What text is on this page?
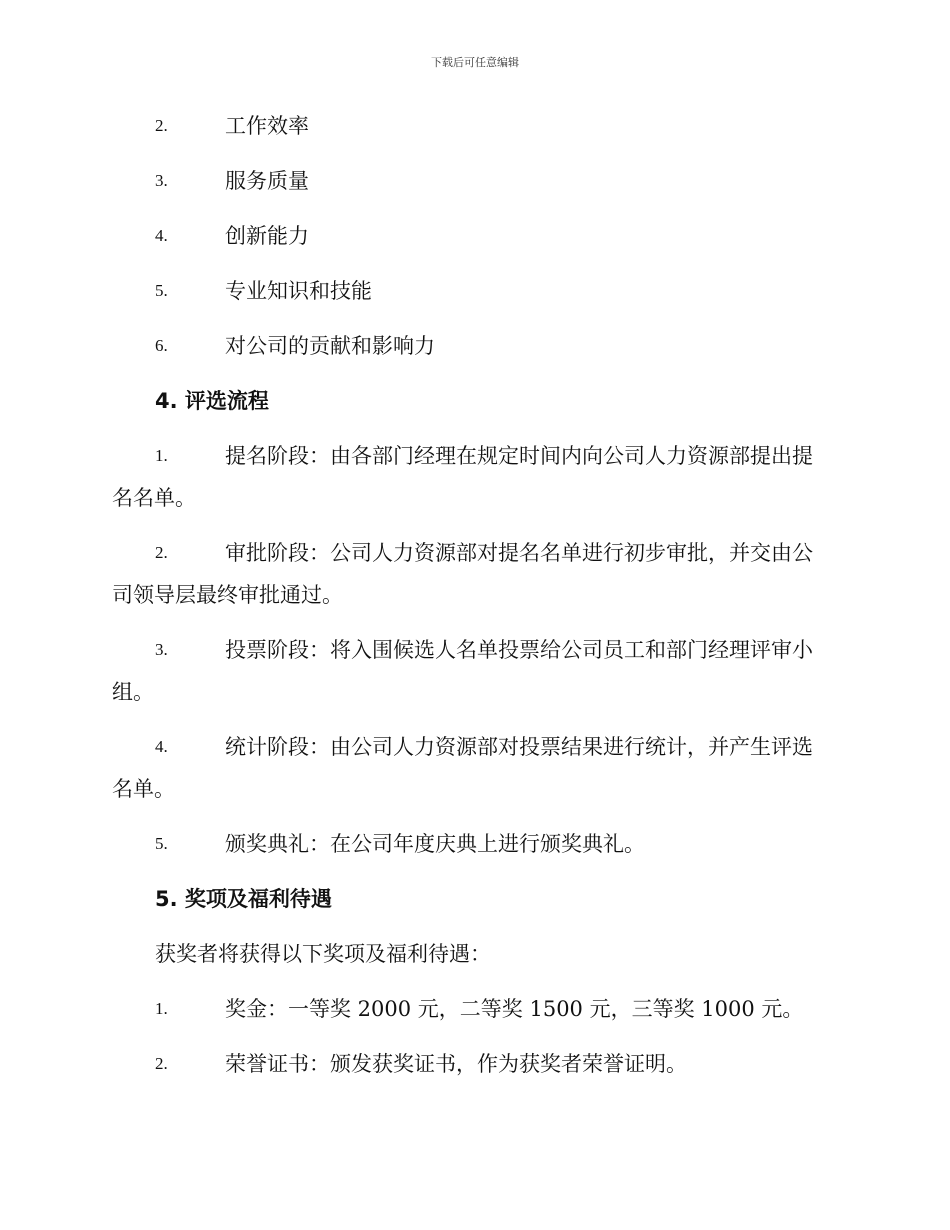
下载后可任意编辑
2.	工作效率
3.	服务质量
4.	创新能力
5.	专业知识和技能
6.	对公司的贡献和影响力
4. 评选流程
1.	提名阶段：由各部门经理在规定时间内向公司人力资源部提出提
名名单。
2.	审批阶段：公司人力资源部对提名名单进行初步审批，并交由公
司领导层最终审批通过。
3.	投票阶段：将入围候选人名单投票给公司员工和部门经理评审小
组。
4.	统计阶段：由公司人力资源部对投票结果进行统计，并产生评选
名单。
5.	颁奖典礼：在公司年度庆典上进行颁奖典礼。
5. 奖项及福利待遇
获奖者将获得以下奖项及福利待遇：
1.	奖金：一等奖 2000 元，二等奖 1500 元，三等奖 1000 元。
2.	荣誉证书：颁发获奖证书，作为获奖者荣誉证明。
